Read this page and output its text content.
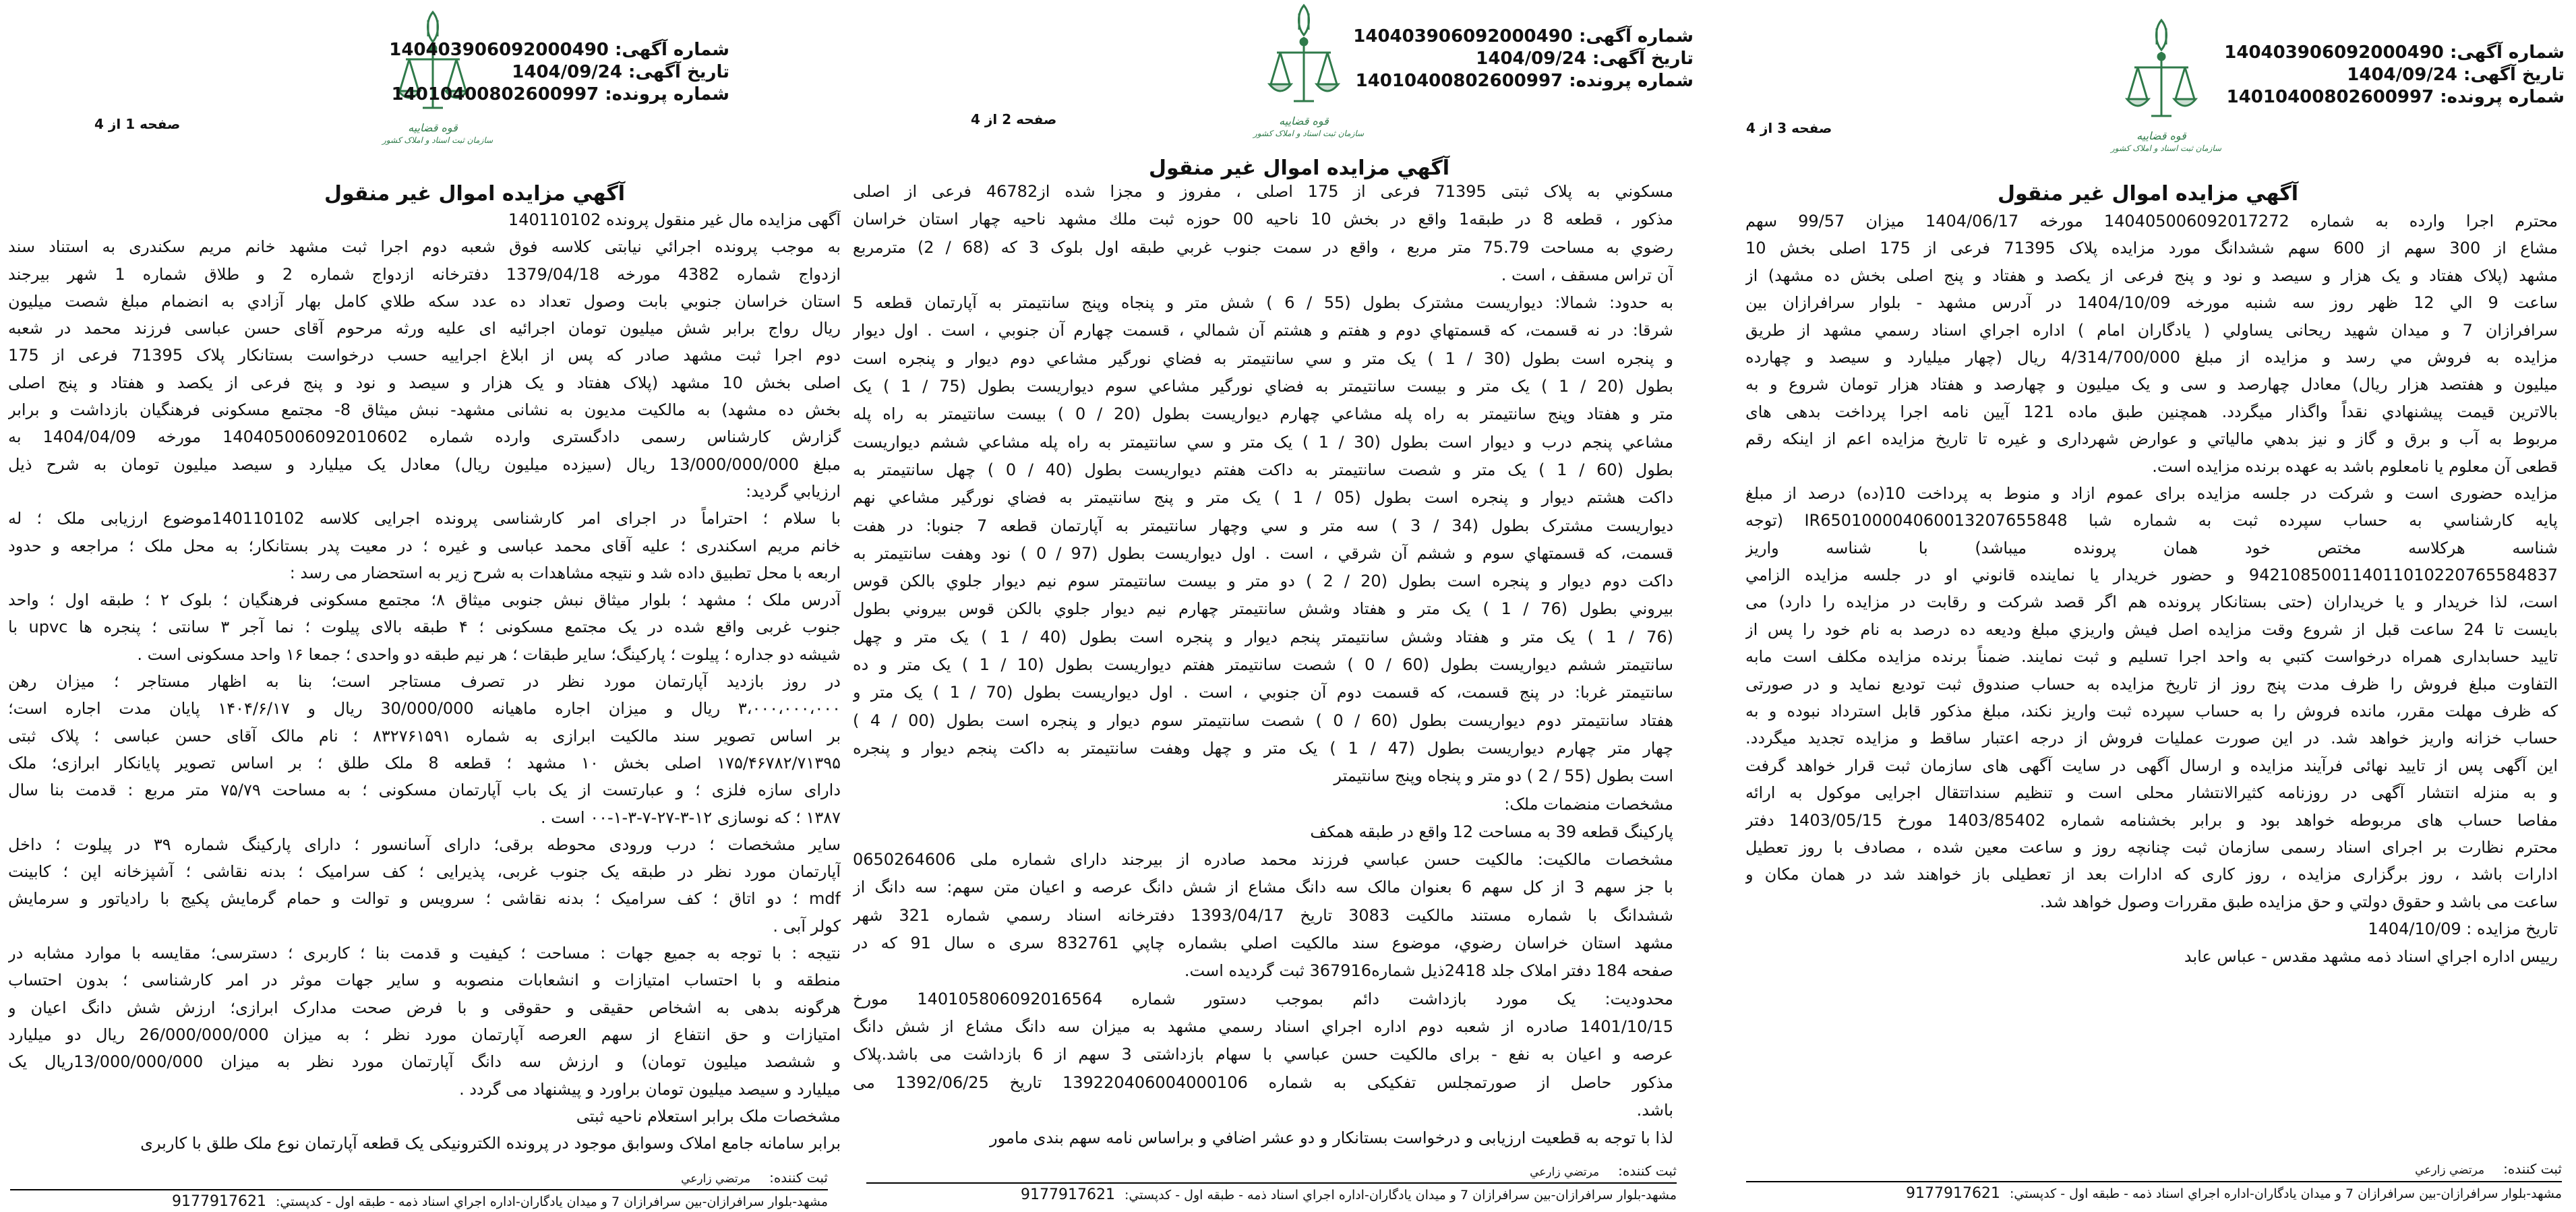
صفحه 1 از 4	قوه قضاییه
سازمان ثبت اسناد و املاک کشور
شماره آگهی: 140403906092000490
تاریخ آگهی: 1404/09/24
شماره پرونده: 14010400802600997
آگهي مزايده اموال غير منقول
آگهی مزایده مال غیر منقول پرونده 140110102
به موجب پرونده اجرائي نیابتی کلاسه فوق شعبه دوم اجرا ثبت مشهد خانم مریم سکندری به استناد سند
ازدواج شماره 4382 مورخه 1379/04/18 دفترخانه ازدواج شماره 2 و طلاق شماره 1 شهر بیرجند
استان خراسان جنوبي بابت وصول تعداد ده عدد سکه طلاي کامل بهار آزادي به انضمام مبلغ شصت میلیون
ریال رواج برابر شش میلیون تومان اجرائیه ای علیه ورثه مرحوم آقای حسن عباسی فرزند محمد در شعبه
دوم اجرا ثبت مشهد صادر که پس از ابلاغ اجراییه حسب درخواست بستانکار پلاک 71395 فرعی از 175
اصلی بخش 10 مشهد (پلاک هفتاد و یک هزار و سیصد و نود و پنج فرعی از یکصد و هفتاد و پنج اصلی
بخش ده مشهد) به مالکیت مدیون به نشانی مشهد- نبش میثاق 8- مجتمع مسکونی فرهنگیان بازداشت و برابر
گزارش کارشناس رسمی دادگستری وارده شماره 140405006092010602 مورخه 1404/04/09 به
مبلغ 13/000/000/000 ریال (سیزده میلیون ریال) معادل یک میلیارد و سیصد میلیون تومان به شرح ذیل
ارزیابي گردید:
با سلام ؛ احتراماً در اجرای امر کارشناسی پرونده اجرایی کلاسه 140110102موضوع ارزیابی ملک ؛ له
خانم مریم اسکندری ؛ علیه آقای محمد عباسی و غیره ؛ در معیت پدر بستانکار؛ به محل ملک ؛ مراجعه و حدود
اربعه با محل تطبیق داده شد و نتیجه مشاهدات به شرح زیر به استحضار می رسد :
آدرس ملک ؛ مشهد ؛ بلوار میثاق نبش جنوبی میثاق ۸؛ مجتمع مسکونی فرهنگیان ؛ بلوک ۲ ؛ طبقه اول ؛ واحد
جنوب غربی واقع شده در یک مجتمع مسکونی ؛ ۴ طبقه بالای پیلوت ؛ نما آجر ۳ سانتی ؛ پنجره ها upvc با
شیشه دو جداره ؛ پیلوت ؛ پارکینگ؛ سایر طبقات ؛ هر نیم طبقه دو واحدی ؛ جمعا ۱۶ واحد مسکونی است .
در روز بازدید آپارتمان مورد نظر در تصرف مستاجر است؛ بنا به اظهار مستاجر ؛ میزان رهن
۳،۰۰۰،۰۰۰،۰۰۰ ریال و میزان اجاره ماهیانه 30/000/000 ریال و ۱۴۰۴/۶/۱۷ پایان مدت اجاره است؛
بر اساس تصویر سند مالکیت ابرازی به شماره ۸۳۲۷۶۱۵۹۱ ؛ نام مالک آقای حسن عباسی ؛ پلاک ثبتی
۱۷۵/۴۶۷۸۲/۷۱۳۹۵ اصلی بخش ۱۰ مشهد ؛ قطعه 8 ملک طلق ؛ بر اساس تصویر پایانکار ابرازی؛ ملک
دارای سازه فلزی ؛ و عبارتست از یک باب آپارتمان مسکونی ؛ به مساحت ۷۵/۷۹ متر مربع : قدمت بنا سال
۱۳۸۷ ؛ که نوسازی ۱۲-۳-۲۷-۷-۳-۱-۰۰ است .
سایر مشخصات ؛ درب ورودی محوطه برقی؛ دارای آسانسور ؛ دارای پارکینگ شماره ۳۹ در پیلوت ؛ داخل
آپارتمان مورد نظر در طبقه یک جنوب غربی، پذیرایی ؛ کف سرامیک ؛ بدنه نقاشی ؛ آشپزخانه اپن ؛ کابینت
mdf ؛ دو اتاق ؛ کف سرامیک ؛ بدنه نقاشی ؛ سرویس و توالت و حمام گرمایش پکیج با رادیاتور و سرمایش
کولر آبی .
نتیجه : با توجه به جمیع جهات : مساحت ؛ کیفیت و قدمت بنا ؛ کاربری ؛ دسترسی؛ مقایسه با موارد مشابه در
منطقه و با احتساب امتیازات و انشعابات منصوبه و سایر جهات موثر در امر کارشناسی ؛ بدون احتساب
هرگونه بدهی به اشخاص حقیقی و حقوقی و با فرض صحت مدارک ابرازی؛ ارزش شش دانگ اعیان و
امتیازات و حق انتفاع از سهم العرصه آپارتمان مورد نظر ؛ به میزان 26/000/000/000 ریال دو میلیارد
و ششصد میلیون تومان) و ارزش سه دانگ آپارتمان مورد نظر به میزان 13/000/000/000ریال یک
میلیارد و سیصد میلیون تومان براورد و پیشنهاد می گردد .
مشخصات ملک برابر استعلام ناحیه ثبتی
برابر سامانه جامع املاک وسوابق موجود در پرونده الکترونیکی یک قطعه آپارتمان نوع ملک طلق با کاربری
ثبت کننده:مرتضي زارعي
مشهد-بلوار سرافرازان-بين سرافرازان 7 و ميدان يادگاران-اداره اجراي اسناد ذمه - طبقه اول - کدپستي:9177917621
صفحه 2 از 4	قوه قضاییه
سازمان ثبت اسناد و املاک کشور
شماره آگهی: 140403906092000490
تاریخ آگهی: 1404/09/24
شماره پرونده: 14010400802600997
آگهي مزايده اموال غير منقول
مسکوني به پلاک ثبتی 71395 فرعی از 175 اصلی ، مفروز و مجزا شده از46782 فرعی از اصلی
مذکور ، قطعه 8 در طبقه1 واقع در بخش 10 ناحیه 00 حوزه ثبت ملك مشهد ناحیه چهار استان خراسان
رضوي به مساحت 75.79 متر مربع ، واقع در سمت جنوب غربي طبقه اول بلوک 3 که (68 / 2) مترمربع
آن تراس مسقف ، است .
به حدود: شمالا: دیواریست مشترک بطول (55 / 6 ) شش متر و پنجاه وپنج سانتیمتر به آپارتمان قطعه 5
شرقا: در نه قسمت، که قسمتهاي دوم و هفتم و هشتم آن شمالي ، قسمت چهارم آن جنوبي ، است . اول دیوار
و پنجره است بطول (30 / 1 ) یک متر و سي سانتیمتر به فضاي نورگیر مشاعي دوم دیوار و پنجره است
بطول (20 / 1 ) یک متر و بیست سانتیمتر به فضاي نورگیر مشاعي سوم دیواریست بطول (75 / 1 ) یک
متر و هفتاد وپنج سانتیمتر به راه پله مشاعي چهارم دیواریست بطول (20 / 0 ) بیست سانتیمتر به راه پله
مشاعي پنجم درب و دیوار است بطول (30 / 1 ) یک متر و سي سانتیمتر به راه پله مشاعي ششم دیواریست
بطول (60 / 1 ) یک متر و شصت سانتیمتر به داکت هفتم دیواریست بطول (40 / 0 ) چهل سانتیمتر به
داکت هشتم دیوار و پنجره است بطول (05 / 1 ) یک متر و پنج سانتیمتر به فضاي نورگیر مشاعي نهم
دیواریست مشترک بطول (34 / 3 ) سه متر و سي وچهار سانتیمتر به آپارتمان قطعه 7 جنوبا: در هفت
قسمت، که قسمتهاي سوم و ششم آن شرقي ، است . اول دیواریست بطول (97 / 0 ) نود وهفت سانتیمتر به
داکت دوم دیوار و پنجره است بطول (20 / 2 ) دو متر و بیست سانتیمتر سوم نیم دیوار جلوي بالکن قوس
بیروني بطول (76 / 1 ) یک متر و هفتاد وشش سانتیمتر چهارم نیم دیوار جلوي بالکن قوس بیروني بطول
(76 / 1 ) یک متر و هفتاد وشش سانتیمتر پنجم دیوار و پنجره است بطول (40 / 1 ) یک متر و چهل
سانتیمتر ششم دیواریست بطول (60 / 0 ) شصت سانتیمتر هفتم دیواریست بطول (10 / 1 ) یک متر و ده
سانتیمتر غربا: در پنج قسمت، که قسمت دوم آن جنوبي ، است . اول دیواریست بطول (70 / 1 ) یک متر و
هفتاد سانتیمتر دوم دیواریست بطول (60 / 0 ) شصت سانتیمتر سوم دیوار و پنجره است بطول (00 / 4 )
چهار متر چهارم دیواریست بطول (47 / 1 ) یک متر و چهل وهفت سانتیمتر به داکت پنجم دیوار و پنجره
است بطول (55 / 2 ) دو متر و پنجاه وپنج سانتیمتر
مشخصات منضمات ملک:
پارکینگ قطعه 39 به مساحت 12 واقع در طبقه همکف
مشخصات مالکیت: مالکیت حسن عباسي فرزند محمد صادره از بیرجند دارای شماره ملی 0650264606
با جز سهم 3 از کل سهم 6 بعنوان مالک سه دانگ مشاع از شش دانگ عرصه و اعیان متن سهم: سه دانگ از
ششدانگ با شماره مستند مالکیت 3083 تاریخ 1393/04/17 دفترخانه اسناد رسمي شماره 321 شهر
مشهد استان خراسان رضوي، موضوع سند مالکیت اصلي بشماره چاپي 832761 سری ه سال 91 که در
صفحه 184 دفتر املاک جلد 2418ذیل شماره367916 ثبت گردیده است.
محدودیت: یک مورد بازداشت دائم بموجب دستور شماره 140105806092016564 مورخ
1401/10/15 صادره از شعبه دوم اداره اجراي اسناد رسمي مشهد به میزان سه دانگ مشاع از شش دانگ
عرصه و اعیان به نفع - برای مالکیت حسن عباسي با سهام بازداشتی 3 سهم از 6 بازداشت می باشد.پلاک
مذکور حاصل از صورتمجلس تفکیکی به شماره 139220406004000106 تاریخ 1392/06/25 می
باشد.
لذا با توجه به قطعیت ارزیابی و درخواست بستانکار و دو عشر اضافي و براساس نامه سهم بندی مامور
ثبت کننده:مرتضي زارعي
مشهد-بلوار سرافرازان-بين سرافرازان 7 و ميدان يادگاران-اداره اجراي اسناد ذمه - طبقه اول - کدپستي:9177917621
صفحه 3 از 4	قوه قضاییه
سازمان ثبت اسناد و املاک کشور
شماره آگهی: 140403906092000490
تاریخ آگهی: 1404/09/24
شماره پرونده: 14010400802600997
آگهي مزايده اموال غير منقول
محترم اجرا وارده به شماره 140405006092017272 مورخه 1404/06/17 میزان 99/57 سهم
مشاع از 300 سهم از 600 سهم ششدانگ مورد مزایده پلاک 71395 فرعی از 175 اصلی بخش 10
مشهد (پلاک هفتاد و یک هزار و سیصد و نود و پنج فرعی از یکصد و هفتاد و پنج اصلی بخش ده مشهد) از
ساعت 9 الي 12 ظهر روز سه شنبه مورخه 1404/10/09 در آدرس مشهد - بلوار سرافرازان بین
سرافرازان 7 و میدان شهید ریحانی یساولي ( يادگاران امام ) اداره اجراي اسناد رسمي مشهد از طريق
مزایده به فروش مي رسد و مزایده از مبلغ 4/314/700/000 ريال (چهار ميليارد و سيصد و چهارده
ميليون و هفتصد هزار ريال) معادل چهارصد و سی و یک میلیون و چهارصد و هفتاد هزار تومان شروع و به
بالاترين قيمت پيشنهادي نقداً واگذار ميگردد. همچنین طبق ماده 121 آیین نامه اجرا پرداخت بدهی های
مربوط به آب و برق و گاز و نيز بدهي مالياتي و عوارض شهرداری و غيره تا تاريخ مزايده اعم از اینکه رقم
قطعی آن معلوم یا نامعلوم باشد به عهده برنده مزایده است.
مزایده حضوری است و شرکت در جلسه مزایده برای عموم ازاد و منوط به پرداخت 10(ده) درصد از مبلغ
پایه کارشناسي به حساب سپرده ثبت به شماره شبا IR650100004060013207655848 (توجه
شناسه هرکلاسه مختص خود همان پرونده میباشد) با شناسه واریز
942108500114011010220765584837 و حضور خريدار يا نماينده قانوني او در جلسه مزايده الزامي
است، لذا خریدار و یا خریداران (حتی بستانکار پرونده هم اگر قصد شرکت و رقابت در مزایده را دارد) می
بایست تا 24 ساعت قبل از شروع وقت مزایده اصل فیش واریزي مبلغ ودیعه ده درصد به نام خود را پس از
تایید حسابداری همراه درخواست کتبي به واحد اجرا تسلیم و ثبت نمایند. ضمناً برنده مزایده مکلف است مابه
التفاوت مبلغ فروش را ظرف مدت پنج روز از تاریخ مزایده به حساب صندوق ثبت تودیع نماید و در صورتی
که ظرف مهلت مقرر، مانده فروش را به حساب سپرده ثبت واریز نکند، مبلغ مذکور قابل استرداد نبوده و به
حساب خزانه واریز خواهد شد. در این صورت عملیات فروش از درجه اعتبار ساقط و مزایده تجدید میگردد.
این آگهی پس از تایید نهائی فرآیند مزایده و ارسال آگهی در سایت آگهی های سازمان ثبت قرار خواهد گرفت
و به منزله انتشار آگهی در روزنامه کثیرالانتشار محلی است و تنظیم سنداتتقال اجرایی موکول به ارائه
مفاصا حساب های مربوطه خواهد بود و برابر بخشنامه شماره 1403/85402 مورخ 1403/05/15 دفتر
محترم نظارت بر اجرای اسناد رسمی سازمان ثبت چنانچه روز و ساعت معین شده ، مصادف با روز تعطیل
ادارات باشد ، روز برگزاری مزایده ، روز کاری که ادارات بعد از تعطیلی باز خواهند شد در همان مکان و
ساعت می باشد و حقوق دولتي و حق مزایده طبق مقررات وصول خواهد شد.
تاریخ مزایده : 1404/10/09
رييس اداره اجراي اسناد ذمه مشهد مقدس - عباس عابد
ثبت کننده:مرتضي زارعي
مشهد-بلوار سرافرازان-بين سرافرازان 7 و ميدان يادگاران-اداره اجراي اسناد ذمه - طبقه اول - کدپستي:9177917621
